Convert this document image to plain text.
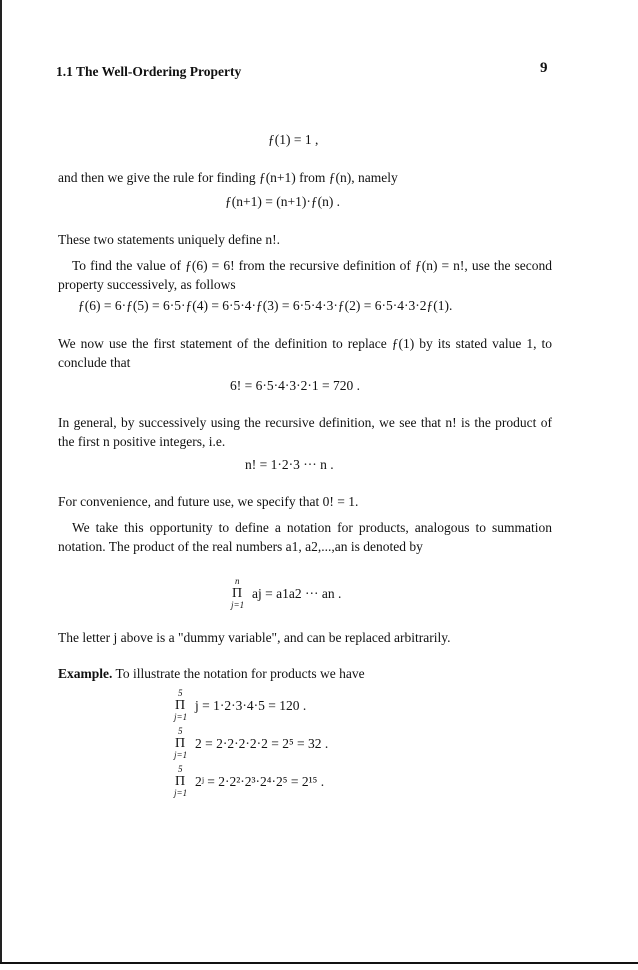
1.1 The Well-Ordering Property	9
ƒ(1) = 1 ,
and then we give the rule for finding ƒ(n+1) from ƒ(n), namely
ƒ(n+1) = (n+1)·ƒ(n) .
These two statements uniquely define n!.
To find the value of ƒ(6) = 6! from the recursive definition of ƒ(n) = n!, use the second property successively, as follows
ƒ(6) = 6·ƒ(5) = 6·5·ƒ(4) = 6·5·4·ƒ(3) = 6·5·4·3·ƒ(2) = 6·5·4·3·2ƒ(1).
We now use the first statement of the definition to replace ƒ(1) by its stated value 1, to conclude that
6! = 6·5·4·3·2·1 = 720 .
In general, by successively using the recursive definition, we see that n! is the product of the first n positive integers, i.e.
n! = 1·2·3 ··· n .
For convenience, and future use, we specify that 0! = 1.
We take this opportunity to define a notation for products, analogous to summation notation. The product of the real numbers a1, a2,...,an is denoted by
n
Π
j=1
aj = a1a2 ··· an .
The letter j above is a "dummy variable", and can be replaced arbitrarily.
Example. To illustrate the notation for products we have
5
Π
j=1
j = 1·2·3·4·5 = 120 .
5
Π
j=1
2 = 2·2·2·2·2 = 2⁵ = 32 .
5
Π
j=1
2ʲ = 2·2²·2³·2⁴·2⁵ = 2¹⁵ .
